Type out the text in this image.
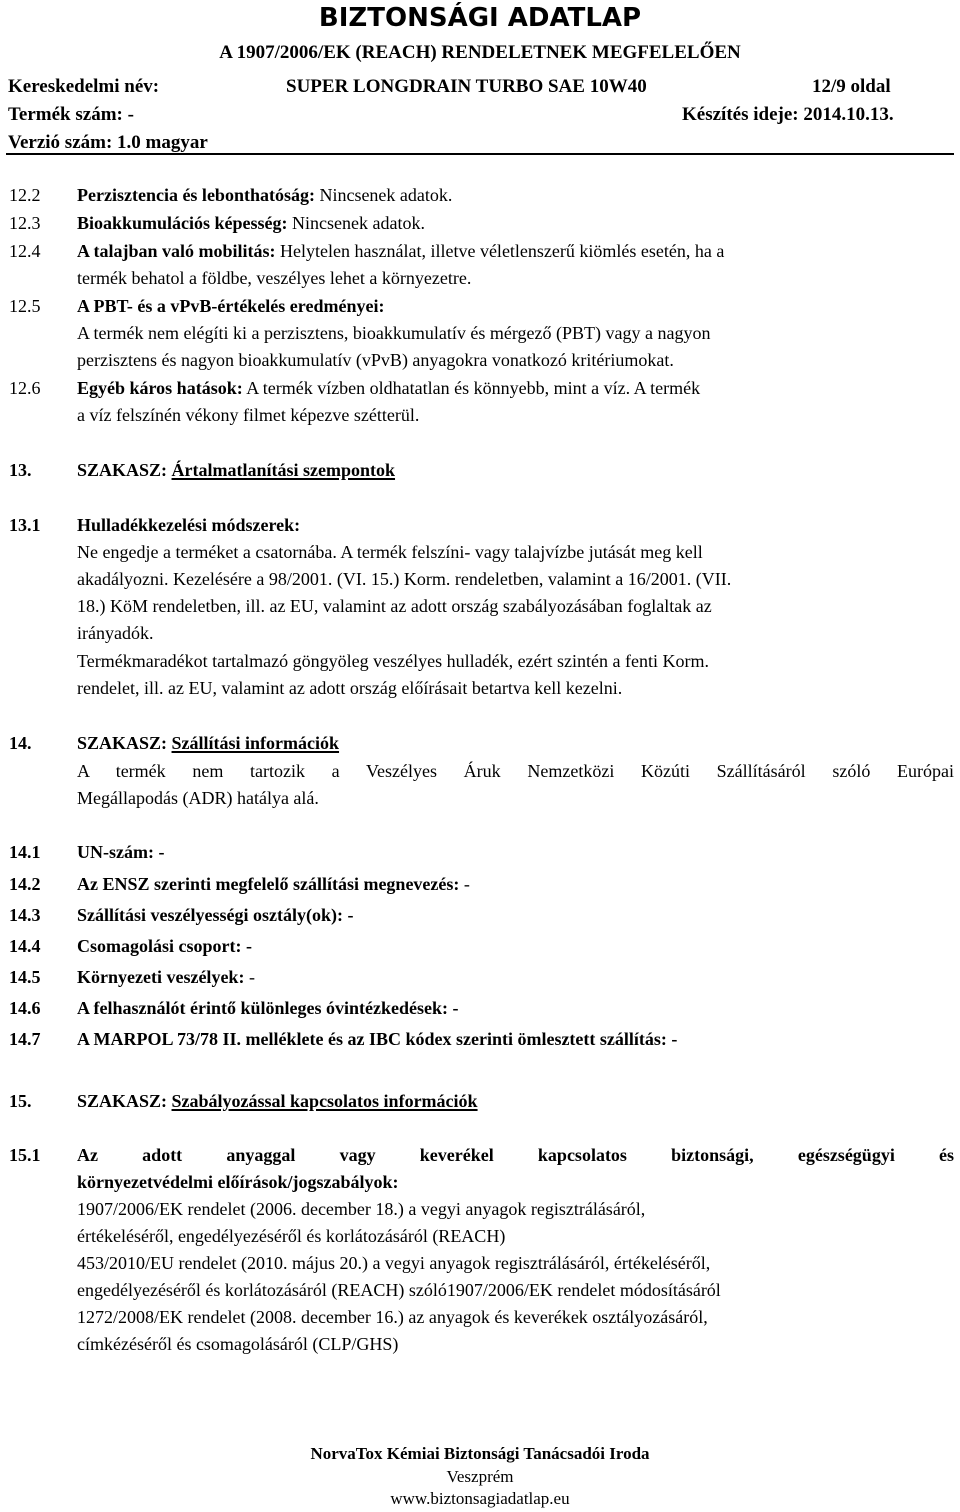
BIZTONSÁGI ADATLAP
A 1907/2006/EK (REACH) RENDELETNEK MEGFELELŐEN
Kereskedelmi név:	SUPER LONGDRAIN TURBO SAE 10W40	12/9 oldal
Termék szám: -	Készítés ideje: 2014.10.13.
Verzió szám: 1.0 magyar
12.2 Perzisztencia és lebonthatóság: Nincsenek adatok.
12.3 Bioakkumulációs képesség: Nincsenek adatok.
12.4 A talajban való mobilitás: Helytelen használat, illetve véletlenszerű kiömlés esetén, ha a
termék behatol a földbe, veszélyes lehet a környezetre.
12.5 A PBT- és a vPvB-értékelés eredményei:
A termék nem elégíti ki a perzisztens, bioakkumulatív és mérgező (PBT) vagy a nagyon
perzisztens és nagyon bioakkumulatív (vPvB) anyagokra vonatkozó kritériumokat.
12.6 Egyéb káros hatások: A termék vízben oldhatatlan és könnyebb, mint a víz. A termék
a víz felszínén vékony filmet képezve szétterül.
13.	SZAKASZ: Ártalmatlanítási szempontok
13.1 Hulladékkezelési módszerek:
Ne engedje a terméket a csatornába. A termék felszíni- vagy talajvízbe jutását meg kell
akadályozni. Kezelésére a 98/2001. (VI. 15.) Korm. rendeletben, valamint a 16/2001. (VII.
18.) KöM rendeletben, ill. az EU, valamint az adott ország szabályozásában foglaltak az
irányadók.
Termékmaradékot tartalmazó göngyöleg veszélyes hulladék, ezért szintén a fenti Korm.
rendelet, ill. az EU, valamint az adott ország előírásait betartva kell kezelni.
14.	SZAKASZ: Szállítási információk
A termék nem tartozik a Veszélyes Áruk Nemzetközi Közúti Szállításáról szóló Európai
Megállapodás (ADR) hatálya alá.
14.1 UN-szám: -
14.2 Az ENSZ szerinti megfelelő szállítási megnevezés: -
14.3 Szállítási veszélyességi osztály(ok): -
14.4 Csomagolási csoport: -
14.5 Környezeti veszélyek: -
14.6 A felhasználót érintő különleges óvintézkedések: -
14.7 A MARPOL 73/78 II. melléklete és az IBC kódex szerinti ömlesztett szállítás: -
15.	SZAKASZ: Szabályozással kapcsolatos információk
15.1 Az adott anyaggal vagy keverékel kapcsolatos biztonsági, egészségügyi és
környezetvédelmi előírások/jogszabályok:
1907/2006/EK rendelet (2006. december 18.) a vegyi anyagok regisztrálásáról,
értékeléséről, engedélyezéséről és korlátozásáról (REACH)
453/2010/EU rendelet (2010. május 20.) a vegyi anyagok regisztrálásáról, értékeléséről,
engedélyezéséről és korlátozásáról (REACH) szóló1907/2006/EK rendelet módosításáról
1272/2008/EK rendelet (2008. december 16.) az anyagok és keverékek osztályozásáról,
címkézéséről és csomagolásáról (CLP/GHS)
NorvaTox Kémiai Biztonsági Tanácsadói Iroda
Veszprém
www.biztonsagiadatlap.eu
